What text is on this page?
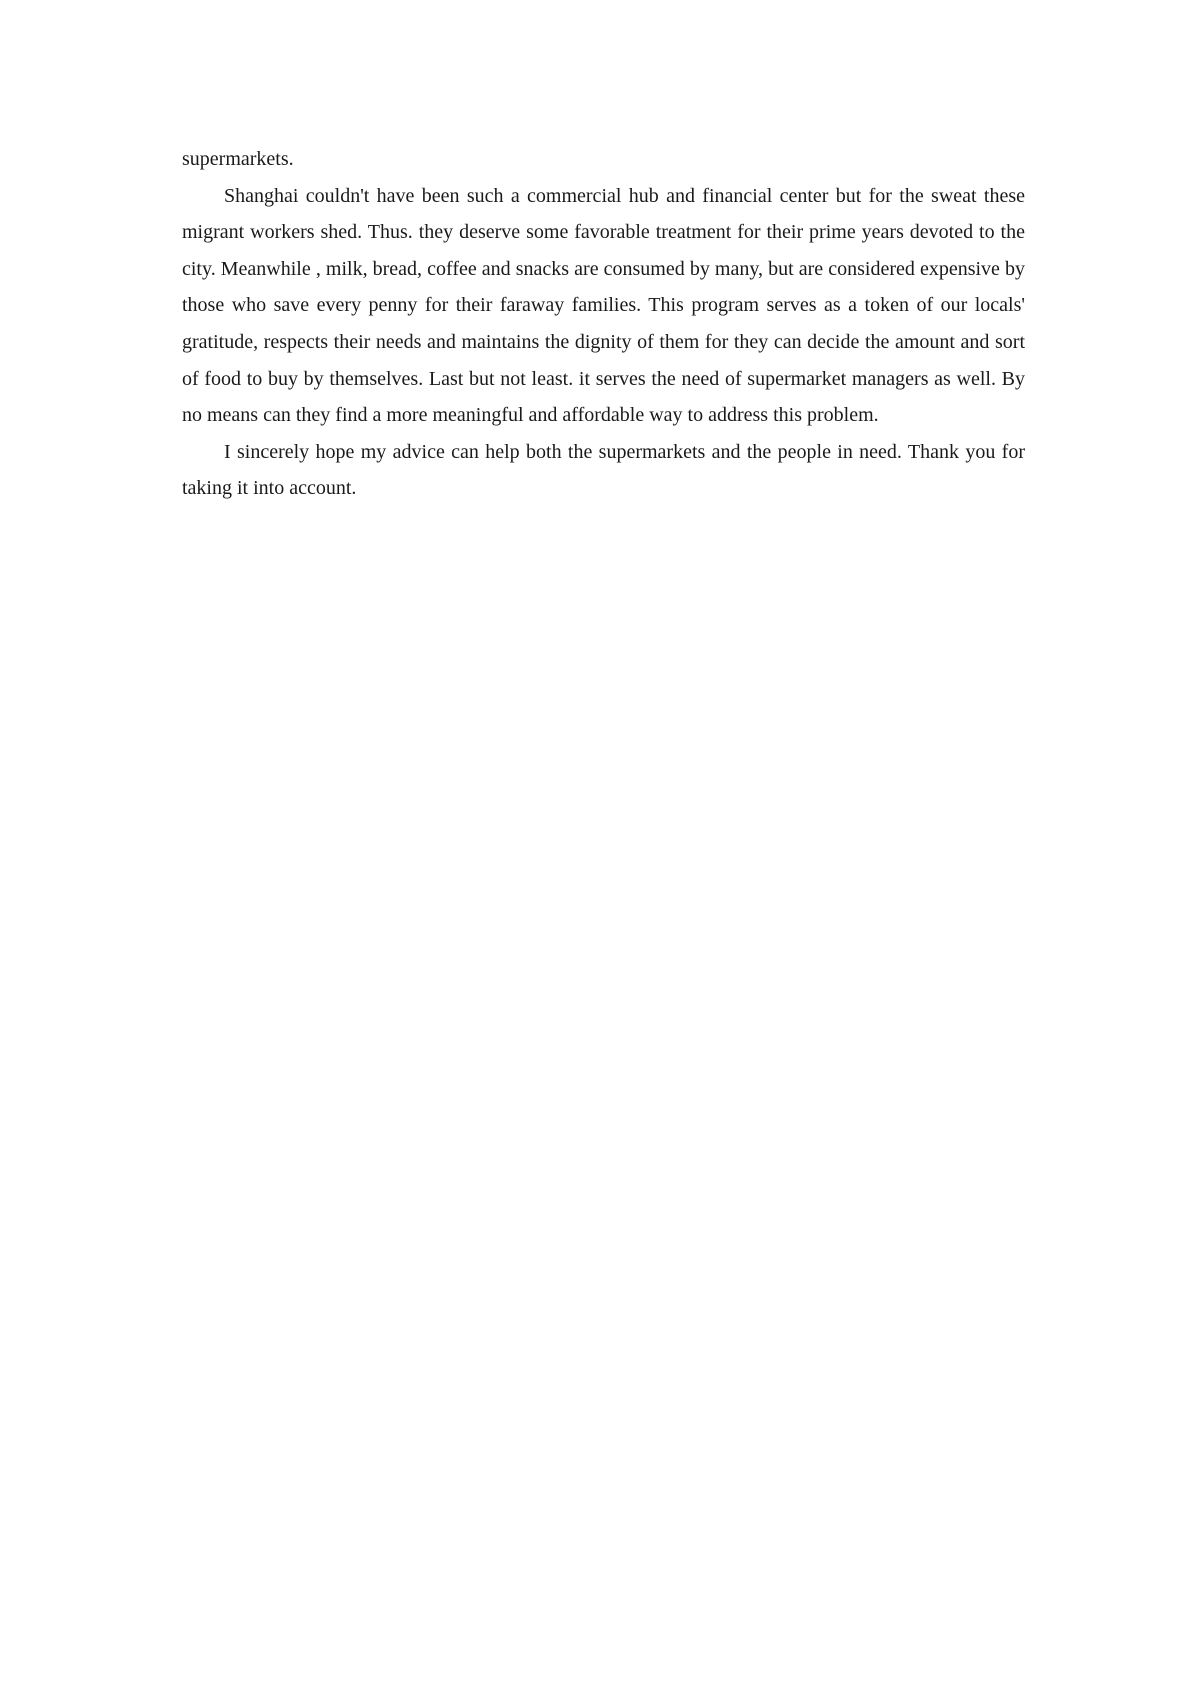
supermarkets.

Shanghai couldn't have been such a commercial hub and financial center but for the sweat these migrant workers shed. Thus. they deserve some favorable treatment for their prime years devoted to the city. Meanwhile , milk, bread, coffee and snacks are consumed by many, but are considered expensive by those who save every penny for their faraway families. This program serves as a token of our locals' gratitude, respects their needs and maintains the dignity of them for they can decide the amount and sort of food to buy by themselves. Last but not least. it serves the need of supermarket managers as well. By no means can they find a more meaningful and affordable way to address this problem.

I sincerely hope my advice can help both the supermarkets and the people in need. Thank you for taking it into account.
